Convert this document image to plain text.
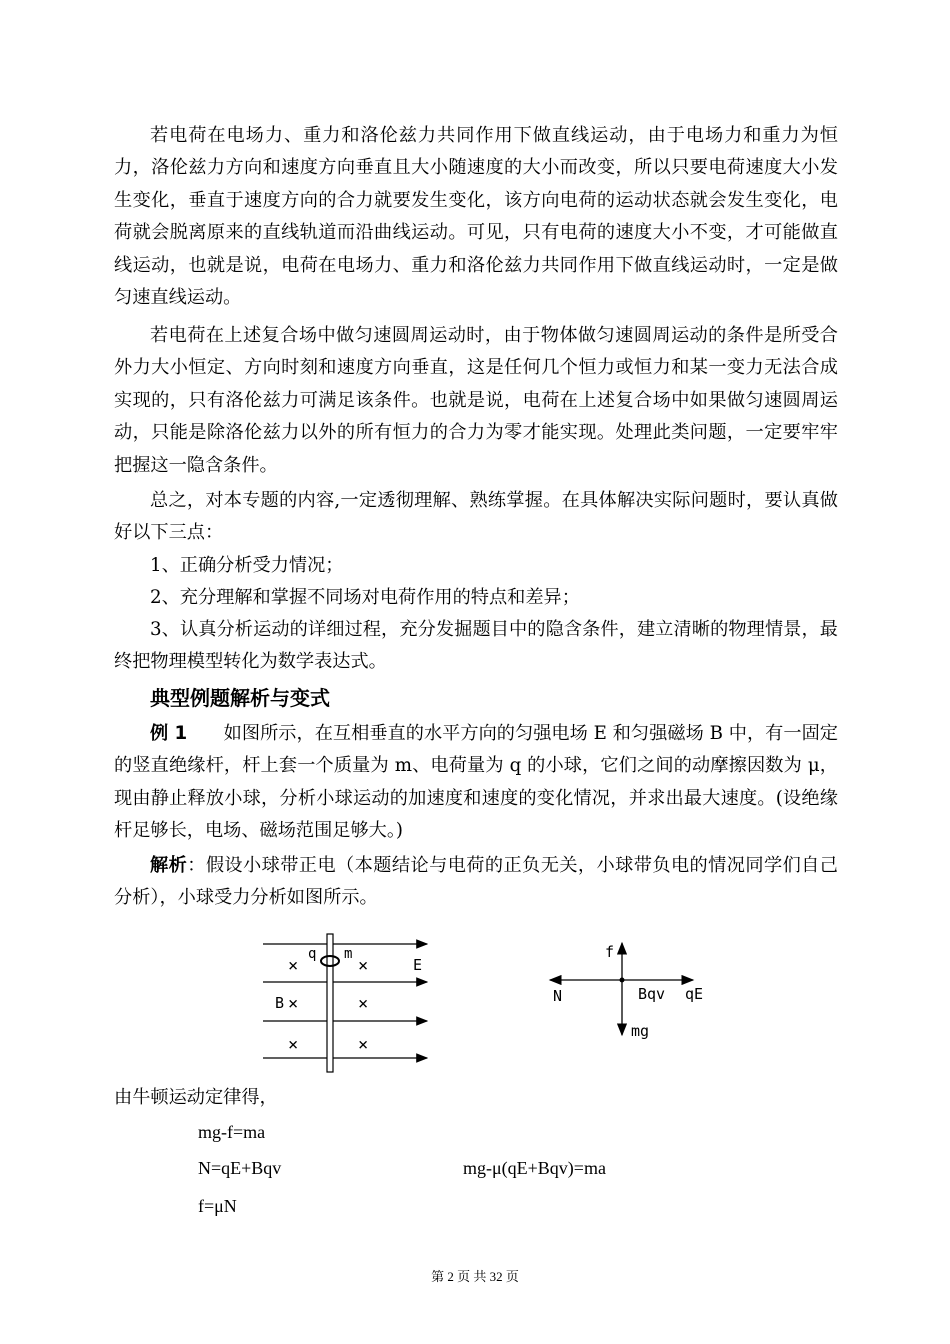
若电荷在电场力、重力和洛伦兹力共同作用下做直线运动，由于电场力和重力为恒力，洛伦兹力方向和速度方向垂直且大小随速度的大小而改变，所以只要电荷速度大小发生变化，垂直于速度方向的合力就要发生变化，该方向电荷的运动状态就会发生变化，电荷就会脱离原来的直线轨道而沿曲线运动。可见，只有电荷的速度大小不变，才可能做直线运动，也就是说，电荷在电场力、重力和洛伦兹力共同作用下做直线运动时，一定是做匀速直线运动。

若电荷在上述复合场中做匀速圆周运动时，由于物体做匀速圆周运动的条件是所受合外力大小恒定、方向时刻和速度方向垂直，这是任何几个恒力或恒力和某一变力无法合成实现的，只有洛伦兹力可满足该条件。也就是说，电荷在上述复合场中如果做匀速圆周运动，只能是除洛伦兹力以外的所有恒力的合力为零才能实现。处理此类问题，一定要牢牢把握这一隐含条件。

总之，对本专题的内容,一定透彻理解、熟练掌握。在具体解决实际问题时，要认真做好以下三点：

1、正确分析受力情况；

2、充分理解和掌握不同场对电荷作用的特点和差异；

3、认真分析运动的详细过程，充分发掘题目中的隐含条件，建立清晰的物理情景，最终把物理模型转化为数学表达式。

典型例题解析与变式

例 1　　 如图所示，在互相垂直的水平方向的匀强电场 E 和匀强磁场 B 中，有一固定的竖直绝缘杆，杆上套一个质量为 m、电荷量为 q 的小球，它们之间的动摩擦因数为 μ，现由静止释放小球，分析小球运动的加速度和速度的变化情况，并求出最大速度。(设绝缘杆足够长，电场、磁场范围足够大。)

解析：假设小球带正电（本题结论与电荷的正负无关，小球带负电的情况同学们自己分析），小球受力分析如图所示。

q m
E
B
×	×
×	×
×	×
f
N	Bqv qE
mg

由牛顿运动定律得，

mg-f=ma

N=qE+Bqv	mg-μ(qE+Bqv)=ma

f=μN

第 2 页 共 32 页
